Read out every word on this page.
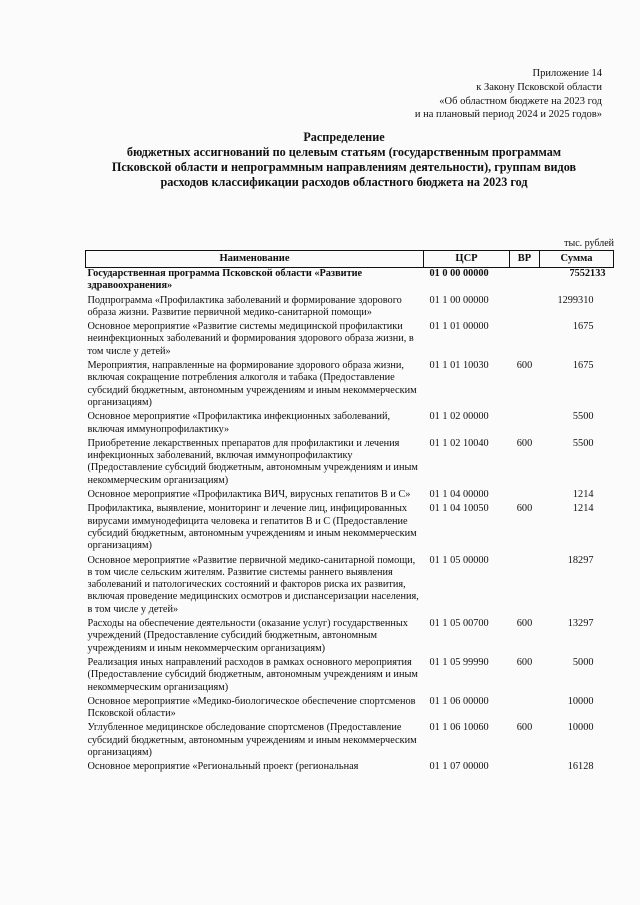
Приложение 14
к Закону Псковской области
«Об областном бюджете на 2023 год
и на плановый период 2024 и 2025 годов»
Распределение
бюджетных ассигнований по целевым статьям (государственным программам
Псковской области и непрограммным направлениям деятельности), группам видов
расходов классификации расходов областного бюджета на 2023 год
тыс. рублей
Наименование	ЦСР	ВР	Сумма
Государственная программа Псковской области «Развитие здравоохранения»	01 0 00 00000		7552133
Подпрограмма «Профилактика заболеваний и формирование здорового образа жизни. Развитие первичной медико-санитарной помощи»	01 1 00 00000		1299310
Основное мероприятие «Развитие системы медицинской профилактики неинфекционных заболеваний и формирования здорового образа жизни, в том числе у детей»	01 1 01 00000		1675
Мероприятия, направленные на формирование здорового образа жизни, включая сокращение потребления алкоголя и табака (Предоставление субсидий бюджетным, автономным учреждениям и иным некоммерческим организациям)	01 1 01 10030	600	1675
Основное мероприятие «Профилактика инфекционных заболеваний, включая иммунопрофилактику»	01 1 02 00000		5500
Приобретение лекарственных препаратов для профилактики и лечения инфекционных заболеваний, включая иммунопрофилактику (Предоставление субсидий бюджетным, автономным учреждениям и иным некоммерческим организациям)	01 1 02 10040	600	5500
Основное мероприятие «Профилактика ВИЧ, вирусных гепатитов В и С»	01 1 04 00000		1214
Профилактика, выявление, мониторинг и лечение лиц, инфицированных вирусами иммунодефицита человека и гепатитов В и С (Предоставление субсидий бюджетным, автономным учреждениям и иным некоммерческим организациям)	01 1 04 10050	600	1214
Основное мероприятие «Развитие первичной медико-санитарной помощи, в том числе сельским жителям. Развитие системы раннего выявления заболеваний и патологических состояний и факторов риска их развития, включая проведение медицинских осмотров и диспансеризации населения, в том числе у детей»	01 1 05 00000		18297
Расходы на обеспечение деятельности (оказание услуг) государственных учреждений (Предоставление субсидий бюджетным, автономным учреждениям и иным некоммерческим организациям)	01 1 05 00700	600	13297
Реализация иных направлений расходов в рамках основного мероприятия (Предоставление субсидий бюджетным, автономным учреждениям и иным некоммерческим организациям)	01 1 05 99990	600	5000
Основное мероприятие «Медико-биологическое обеспечение спортсменов Псковской области»	01 1 06 00000		10000
Углубленное медицинское обследование спортсменов (Предоставление субсидий бюджетным, автономным учреждениям и иным некоммерческим организациям)	01 1 06 10060	600	10000
Основное мероприятие «Региональный проект (региональная	01 1 07 00000		16128
